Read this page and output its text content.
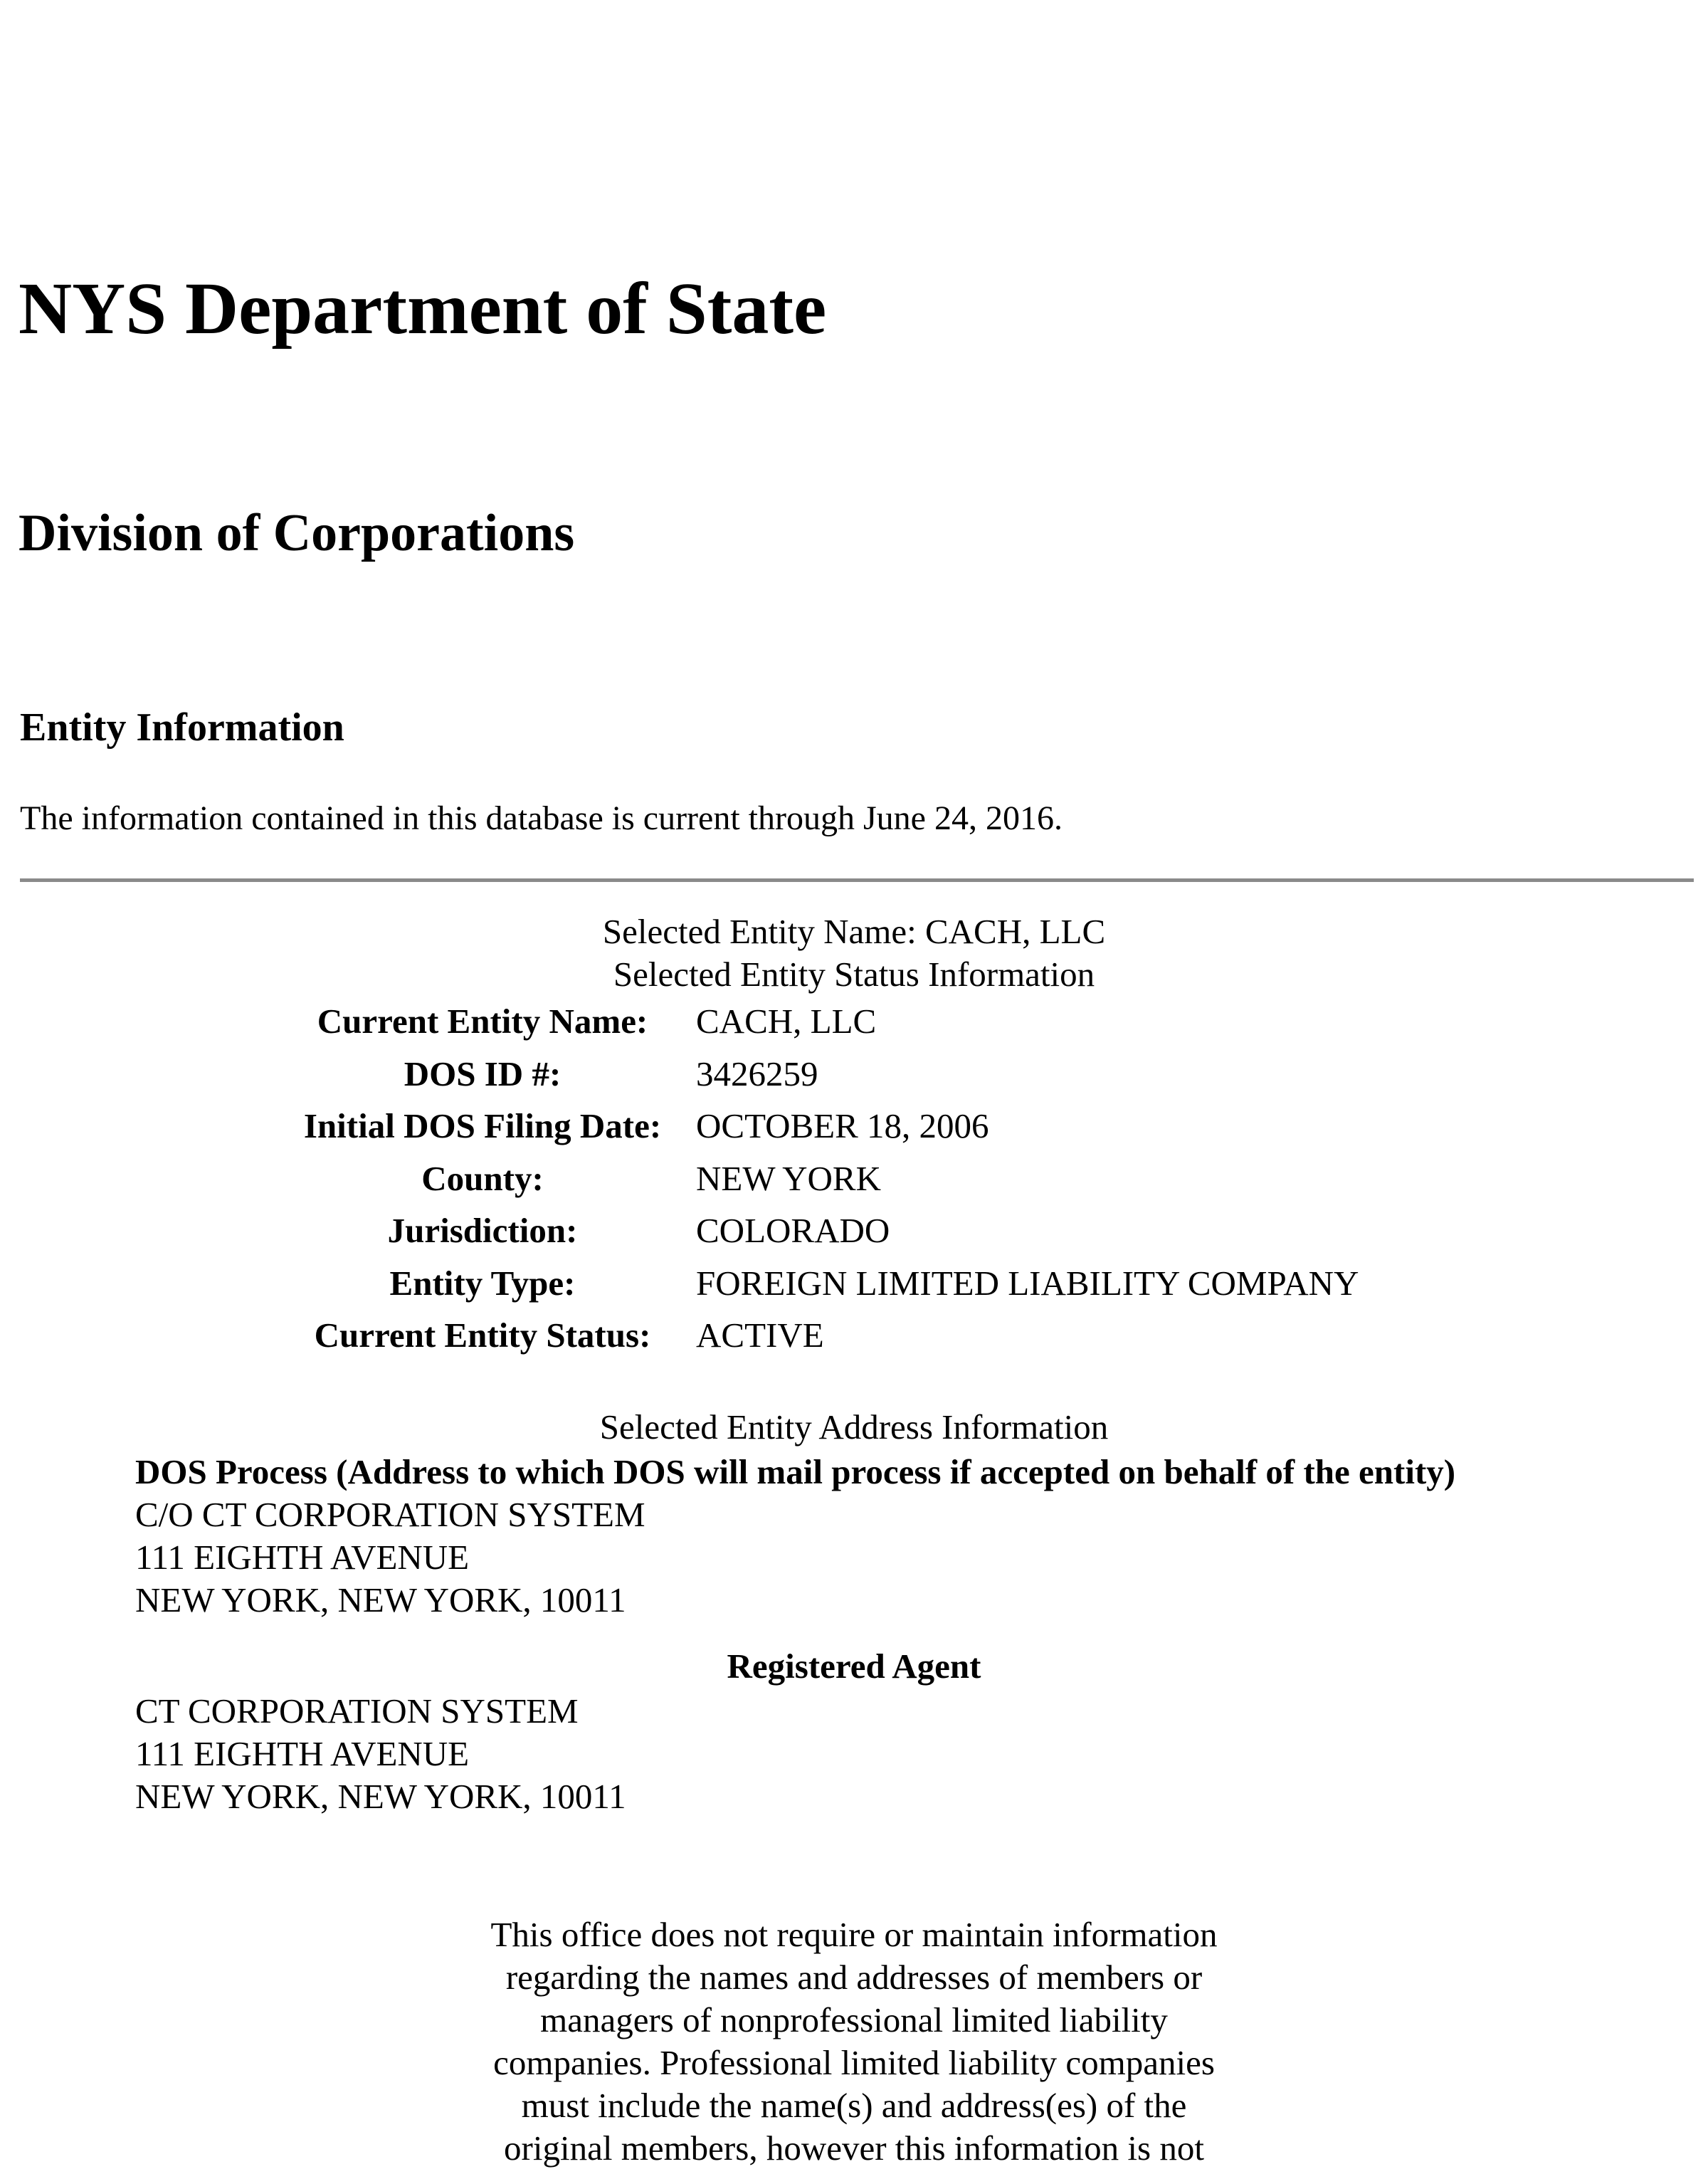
NYS Department of State
Division of Corporations
Entity Information
The information contained in this database is current through June 24, 2016.
Selected Entity Name: CACH, LLC
Selected Entity Status Information
Current Entity Name:	CACH, LLC
DOS ID #:	3426259
Initial DOS Filing Date:	OCTOBER 18, 2006
County:	NEW YORK
Jurisdiction:	COLORADO
Entity Type:	FOREIGN LIMITED LIABILITY COMPANY
Current Entity Status:	ACTIVE
Selected Entity Address Information
DOS Process (Address to which DOS will mail process if accepted on behalf of the entity)
C/O CT CORPORATION SYSTEM
111 EIGHTH AVENUE
NEW YORK, NEW YORK, 10011
Registered Agent
CT CORPORATION SYSTEM
111 EIGHTH AVENUE
NEW YORK, NEW YORK, 10011
This office does not require or maintain information
regarding the names and addresses of members or
managers of nonprofessional limited liability
companies. Professional limited liability companies
must include the name(s) and address(es) of the
original members, however this information is not
